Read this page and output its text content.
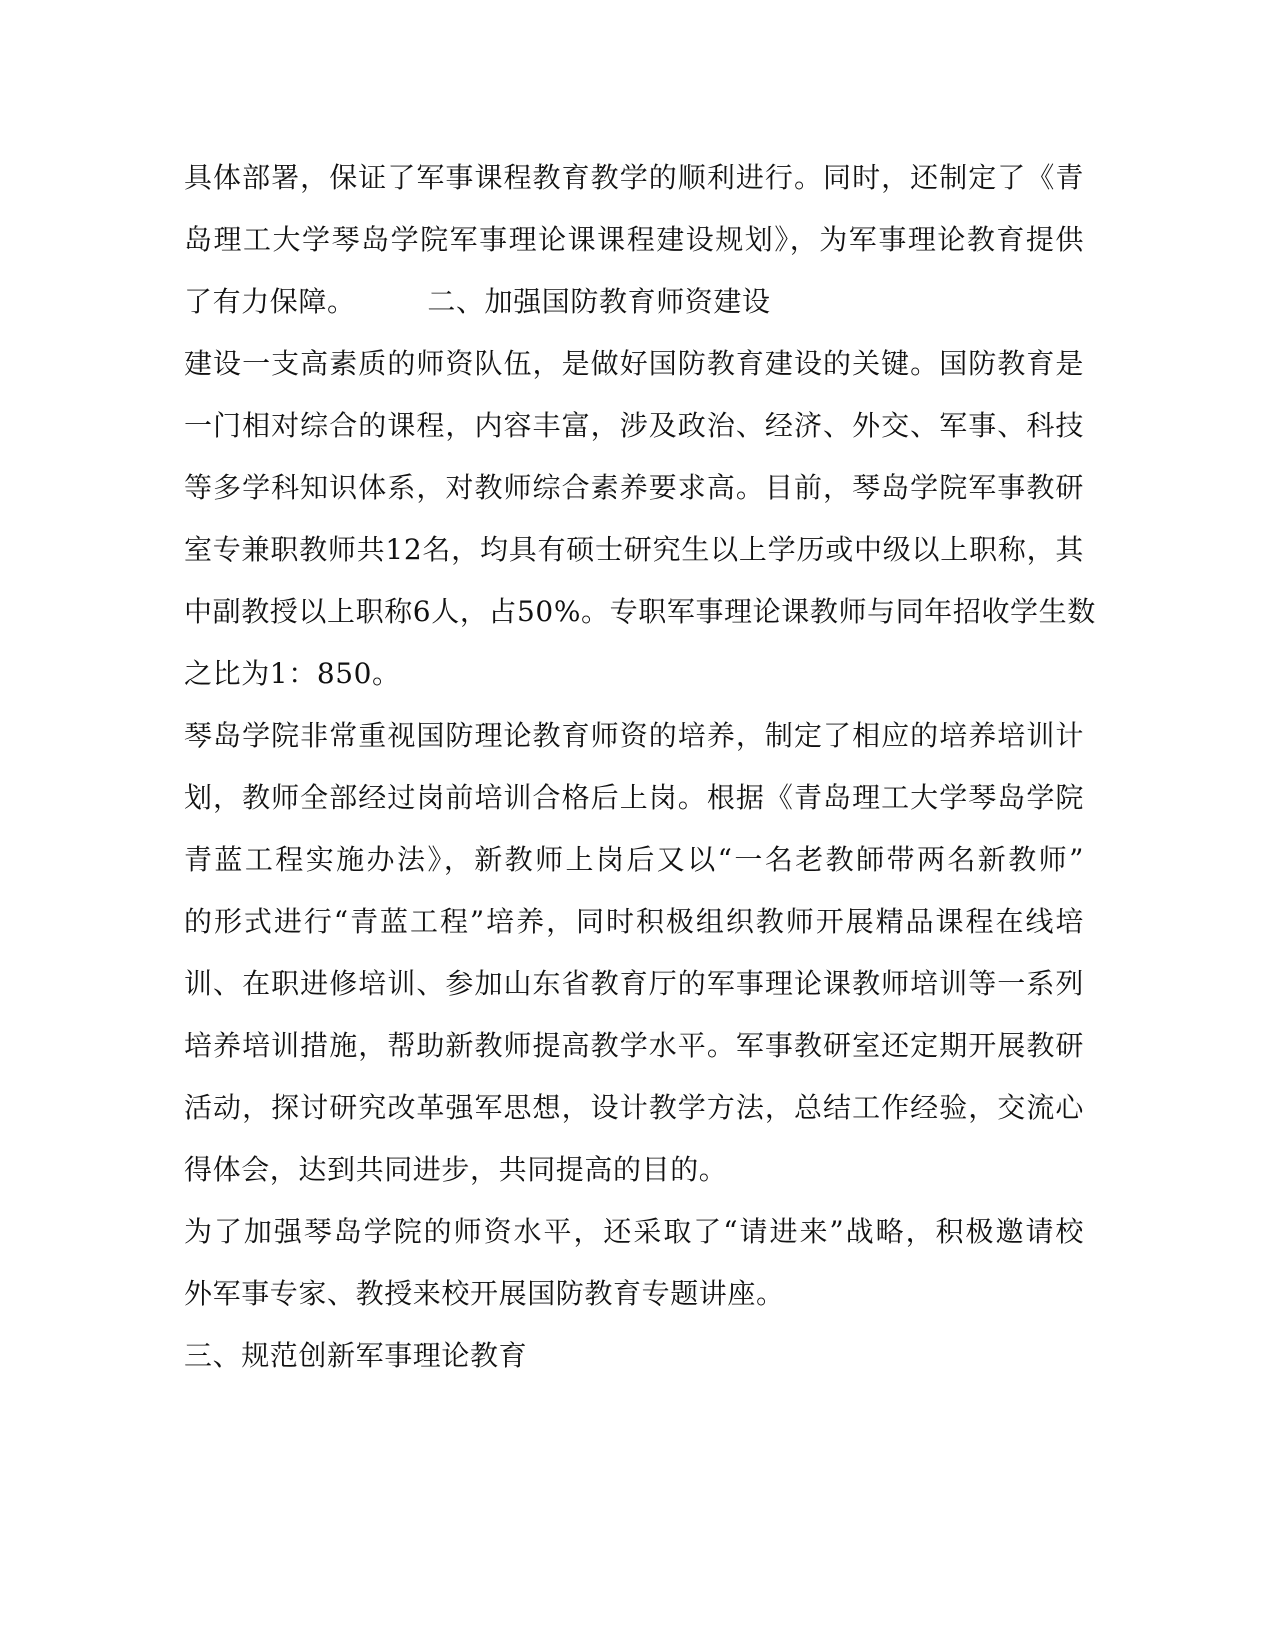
具体部署，保证了军事课程教育教学的顺利进行。同时，还制定了《青
岛理工大学琴岛学院军事理论课课程建设规划》，为军事理论教育提供
了有力保障。　　　二、加强国防教育师资建设
建设一支高素质的师资队伍，是做好国防教育建设的关键。国防教育是
一门相对综合的课程，内容丰富，涉及政治、经济、外交、军事、科技
等多学科知识体系，对教师综合素养要求高。目前，琴岛学院军事教研
室专兼职教师共12名，均具有硕士研究生以上学历或中级以上职称，其
中副教授以上职称6人，占50%。专职军事理论课教师与同年招收学生数
之比为1：850。
琴岛学院非常重视国防理论教育师资的培养，制定了相应的培养培训计
划，教师全部经过岗前培训合格后上岗。根据《青岛理工大学琴岛学院
青蓝工程实施办法》，新教师上岗后又以“一名老教師带两名新教师”
的形式进行“青蓝工程”培养，同时积极组织教师开展精品课程在线培
训、在职进修培训、参加山东省教育厅的军事理论课教师培训等一系列
培养培训措施，帮助新教师提高教学水平。军事教研室还定期开展教研
活动，探讨研究改革强军思想，设计教学方法，总结工作经验，交流心
得体会，达到共同进步，共同提高的目的。
为了加强琴岛学院的师资水平，还采取了“请进来”战略，积极邀请校
外军事专家、教授来校开展国防教育专题讲座。
三、规范创新军事理论教育
